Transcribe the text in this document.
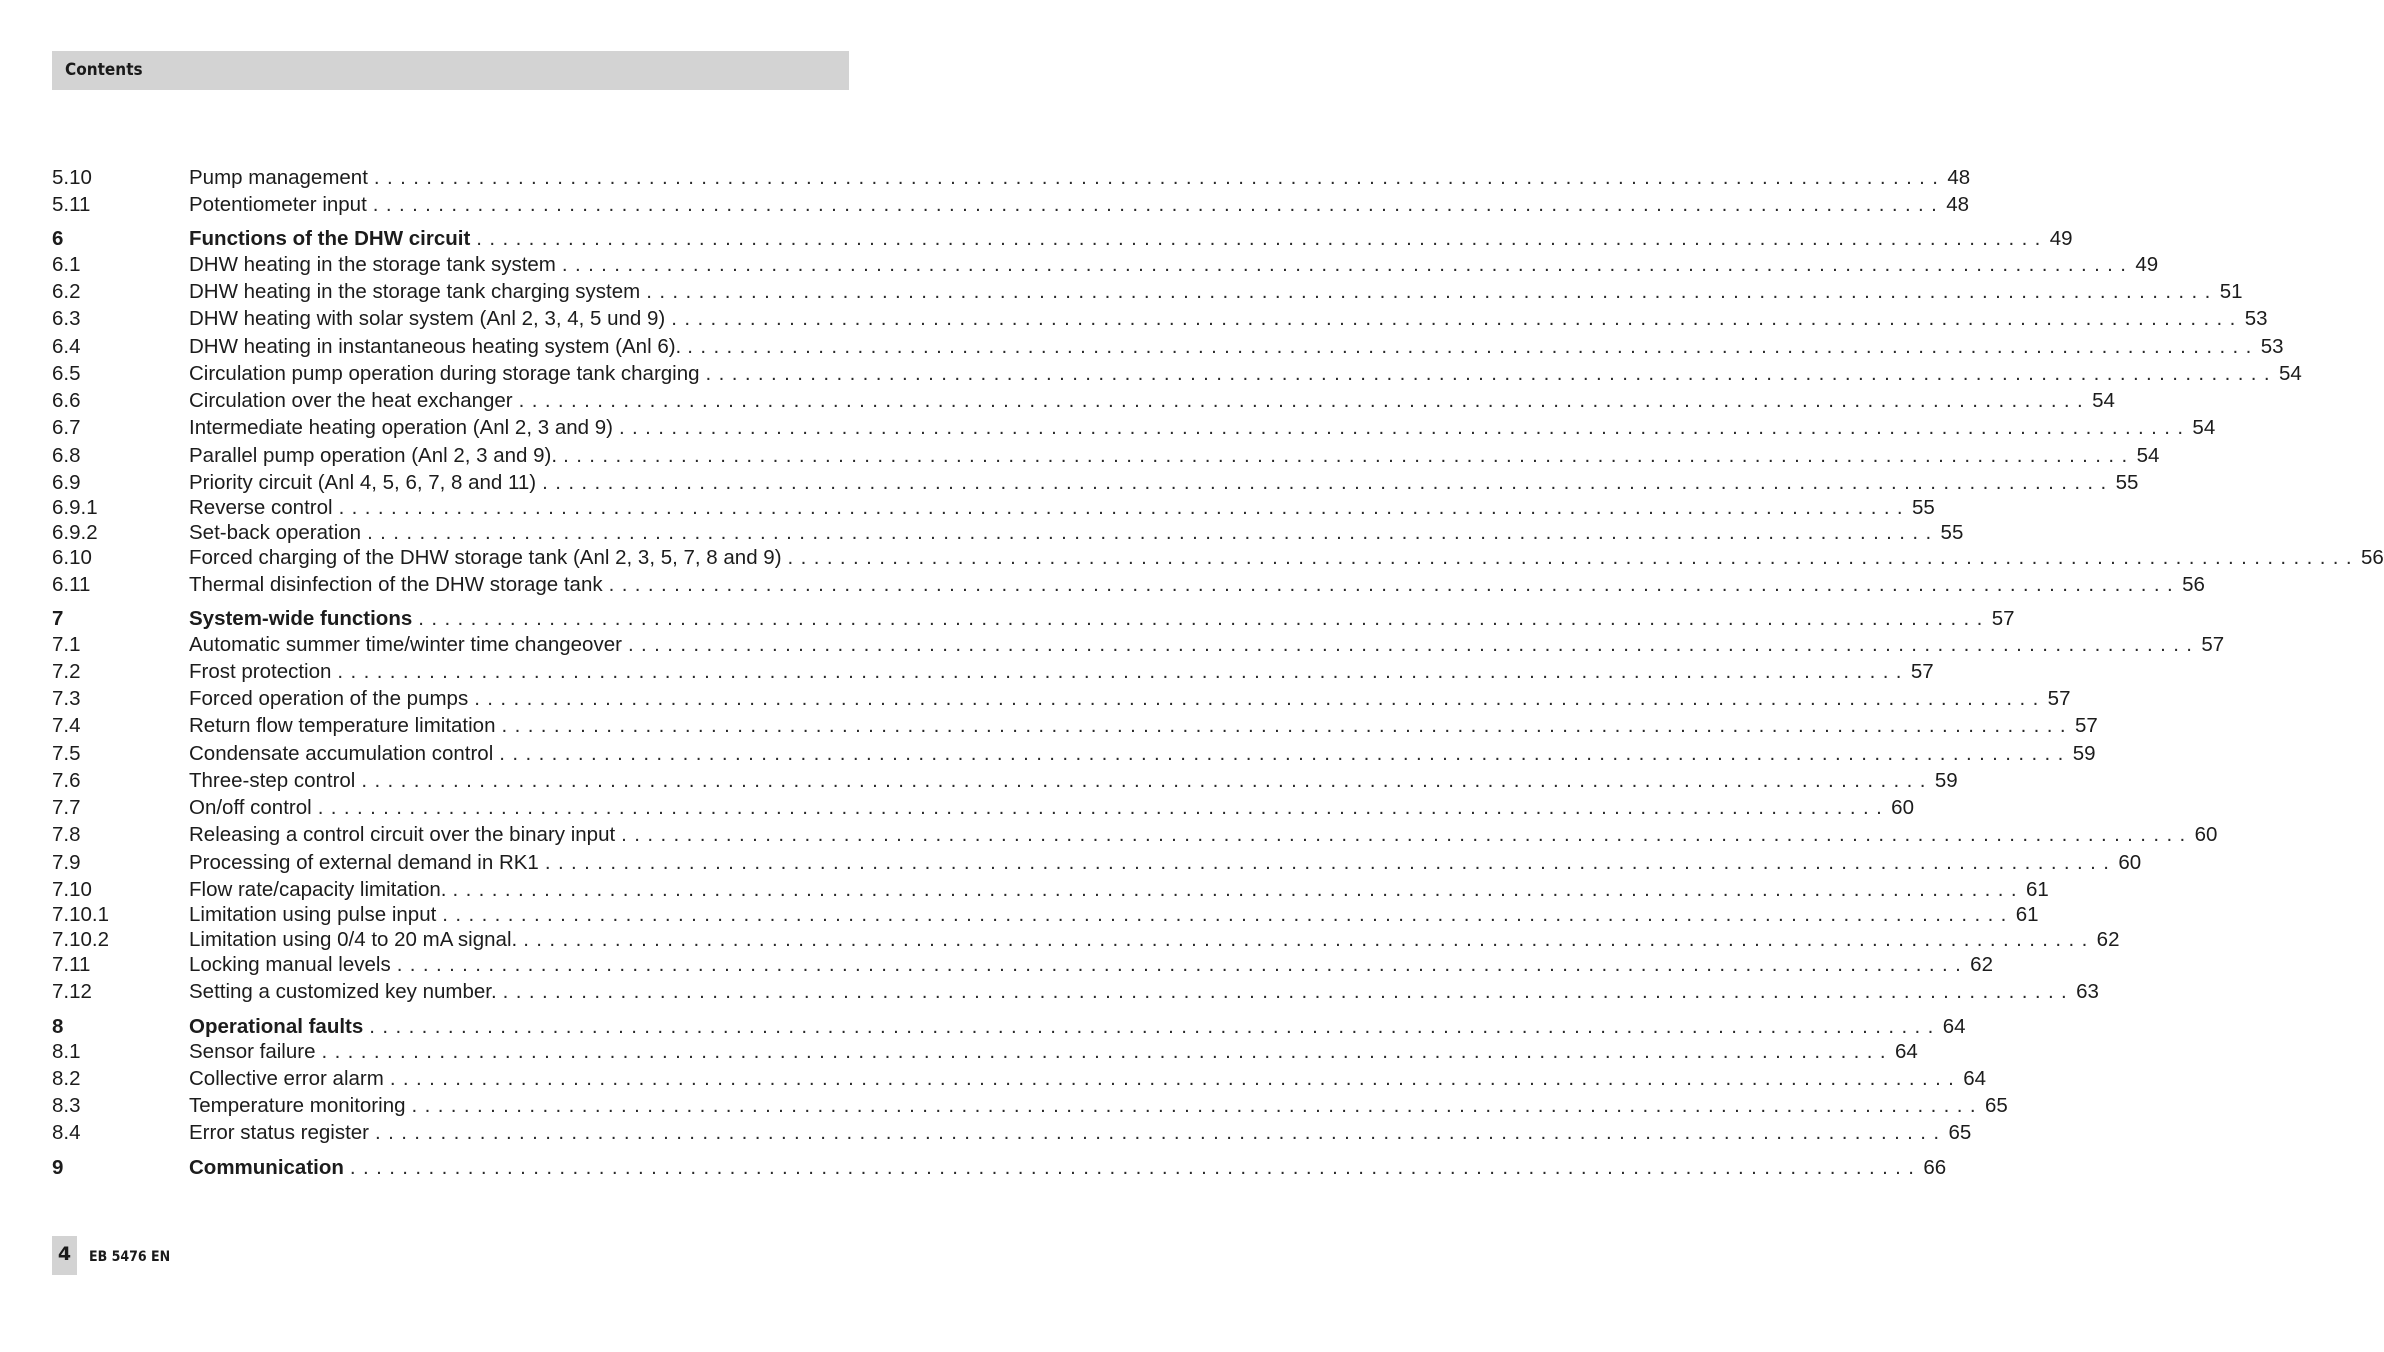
Contents
5.10	Pump management ........................................................................................................................ 48
5.11	Potentiometer input ........................................................................................................................ 48
6	Functions of the DHW circuit ........................................................................................................................ 49
6.1	DHW heating in the storage tank system ........................................................................................................................ 49
6.2	DHW heating in the storage tank charging system ........................................................................................................................ 51
6.3	DHW heating with solar system (Anl 2, 3, 4, 5 und 9) ........................................................................................................................ 53
6.4	DHW heating in instantaneous heating system (Anl 6). ........................................................................................................................ 53
6.5	Circulation pump operation during storage tank charging ........................................................................................................................ 54
6.6	Circulation over the heat exchanger ........................................................................................................................ 54
6.7	Intermediate heating operation (Anl 2, 3 and 9) ........................................................................................................................ 54
6.8	Parallel pump operation (Anl 2, 3 and 9). ........................................................................................................................ 54
6.9	Priority circuit (Anl 4, 5, 6, 7, 8 and 11) ........................................................................................................................ 55
6.9.1	Reverse control ........................................................................................................................ 55
6.9.2	Set-back operation ........................................................................................................................ 55
6.10	Forced charging of the DHW storage tank (Anl 2, 3, 5, 7, 8 and 9) ........................................................................................................................ 56
6.11	Thermal disinfection of the DHW storage tank ........................................................................................................................ 56
7	System-wide functions ........................................................................................................................ 57
7.1	Automatic summer time/winter time changeover ........................................................................................................................ 57
7.2	Frost protection ........................................................................................................................ 57
7.3	Forced operation of the pumps ........................................................................................................................ 57
7.4	Return flow temperature limitation ........................................................................................................................ 57
7.5	Condensate accumulation control ........................................................................................................................ 59
7.6	Three-step control ........................................................................................................................ 59
7.7	On/off control ........................................................................................................................ 60
7.8	Releasing a control circuit over the binary input ........................................................................................................................ 60
7.9	Processing of external demand in RK1 ........................................................................................................................ 60
7.10	Flow rate/capacity limitation. ........................................................................................................................ 61
7.10.1	Limitation using pulse input ........................................................................................................................ 61
7.10.2	Limitation using 0/4 to 20 mA signal. ........................................................................................................................ 62
7.11	Locking manual levels ........................................................................................................................ 62
7.12	Setting a customized key number. ........................................................................................................................ 63
8	Operational faults ........................................................................................................................ 64
8.1	Sensor failure ........................................................................................................................ 64
8.2	Collective error alarm ........................................................................................................................ 64
8.3	Temperature monitoring ........................................................................................................................ 65
8.4	Error status register ........................................................................................................................ 65
9	Communication ........................................................................................................................ 66
4	EB 5476 EN
